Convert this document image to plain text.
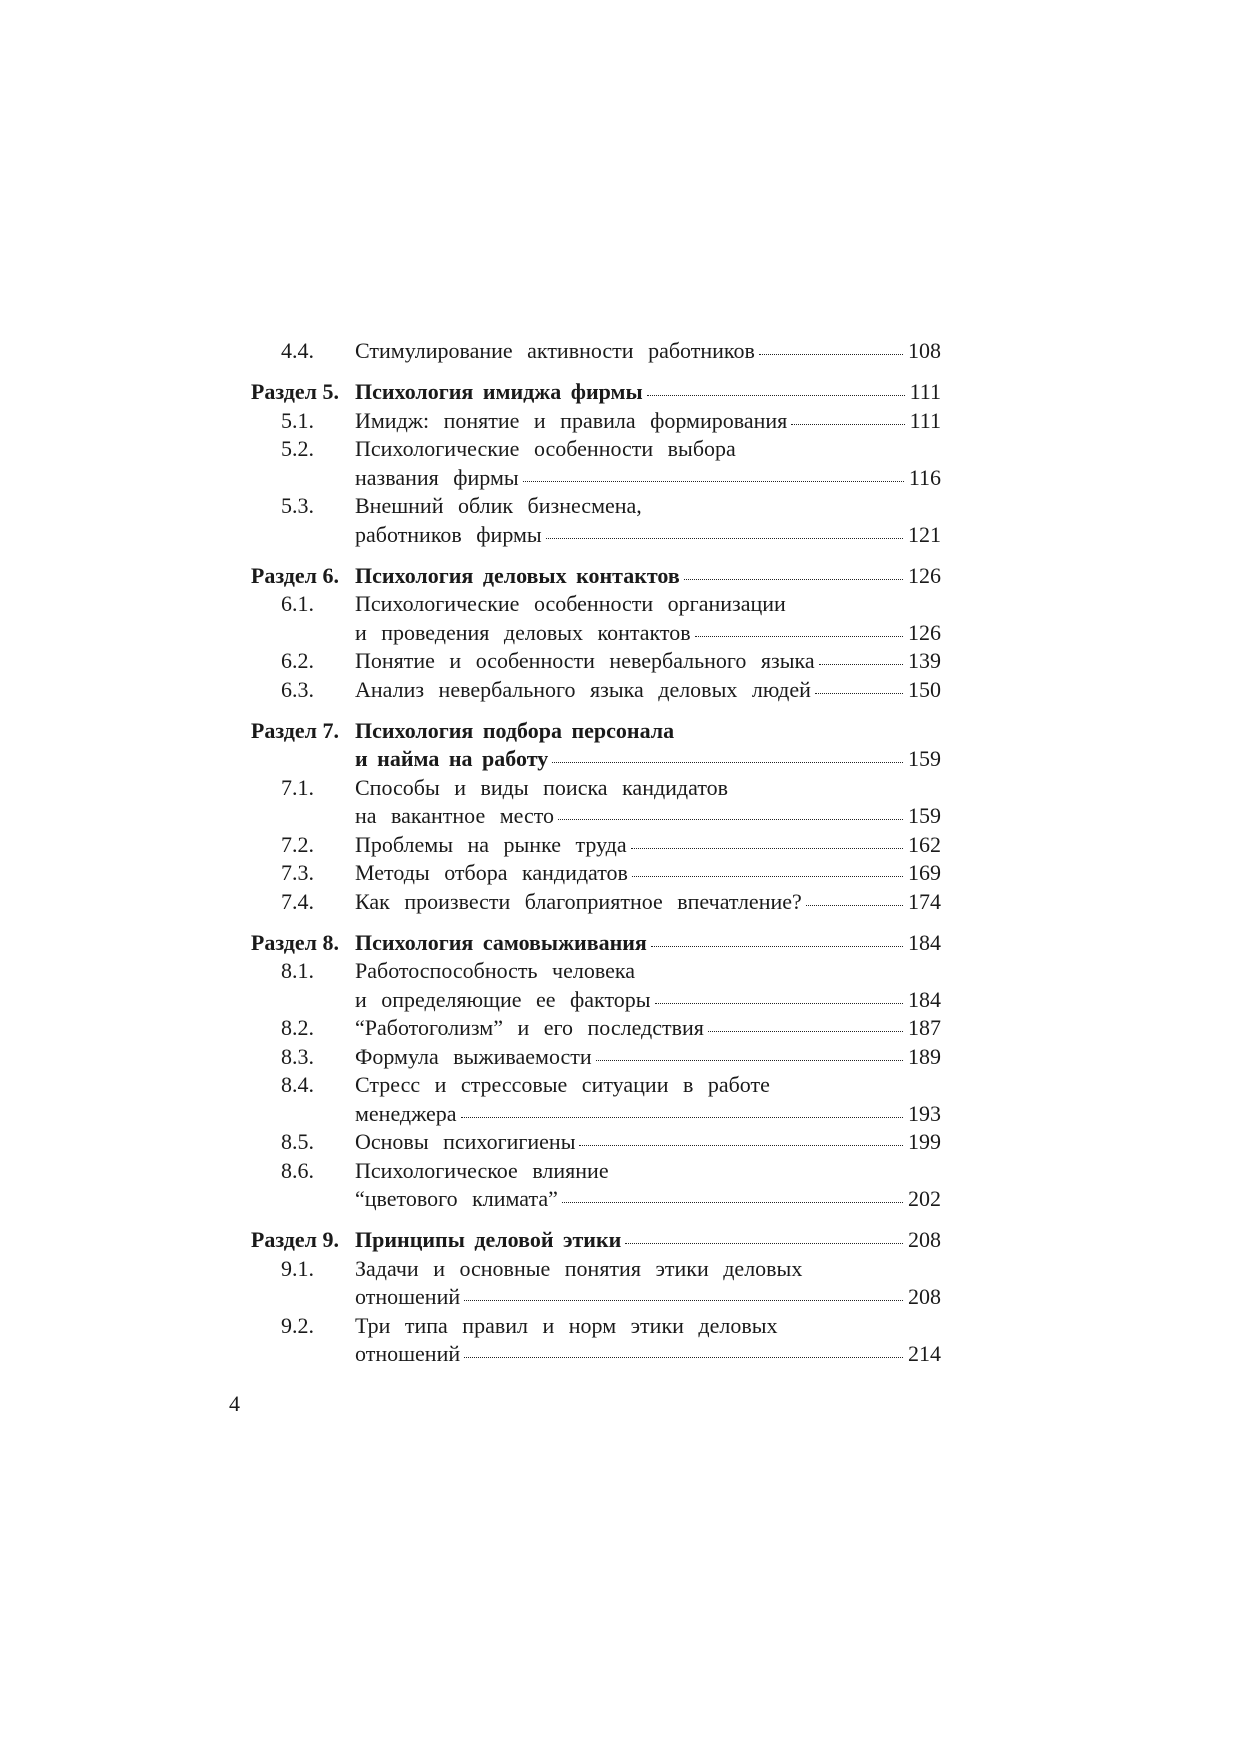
4.4. Стимулирование активности работников	108
Раздел 5. Психология имиджа фирмы	111
5.1. Имидж: понятие и правила формирования	111
5.2. Психологические особенности выбора
названия фирмы	116
5.3. Внешний облик бизнесмена,
работников фирмы	121
Раздел 6. Психология деловых контактов	126
6.1. Психологические особенности организации
и проведения деловых контактов	126
6.2. Понятие и особенности невербального языка	139
6.3. Анализ невербального языка деловых людей	150
Раздел 7. Психология подбора персонала
и найма на работу	159
7.1. Способы и виды поиска кандидатов
на вакантное место	159
7.2. Проблемы на рынке труда	162
7.3. Методы отбора кандидатов	169
7.4. Как произвести благоприятное впечатление?	174
Раздел 8. Психология самовыживания	184
8.1. Работоспособность человека
и определяющие ее факторы	184
8.2. “Работоголизм” и его последствия	187
8.3. Формула выживаемости	189
8.4. Стресс и стрессовые ситуации в работе
менеджера	193
8.5. Основы психогигиены	199
8.6. Психологическое влияние
“цветового климата”	202
Раздел 9. Принципы деловой этики	208
9.1. Задачи и основные понятия этики деловых
отношений	208
9.2. Три типа правил и норм этики деловых
отношений	214
4
